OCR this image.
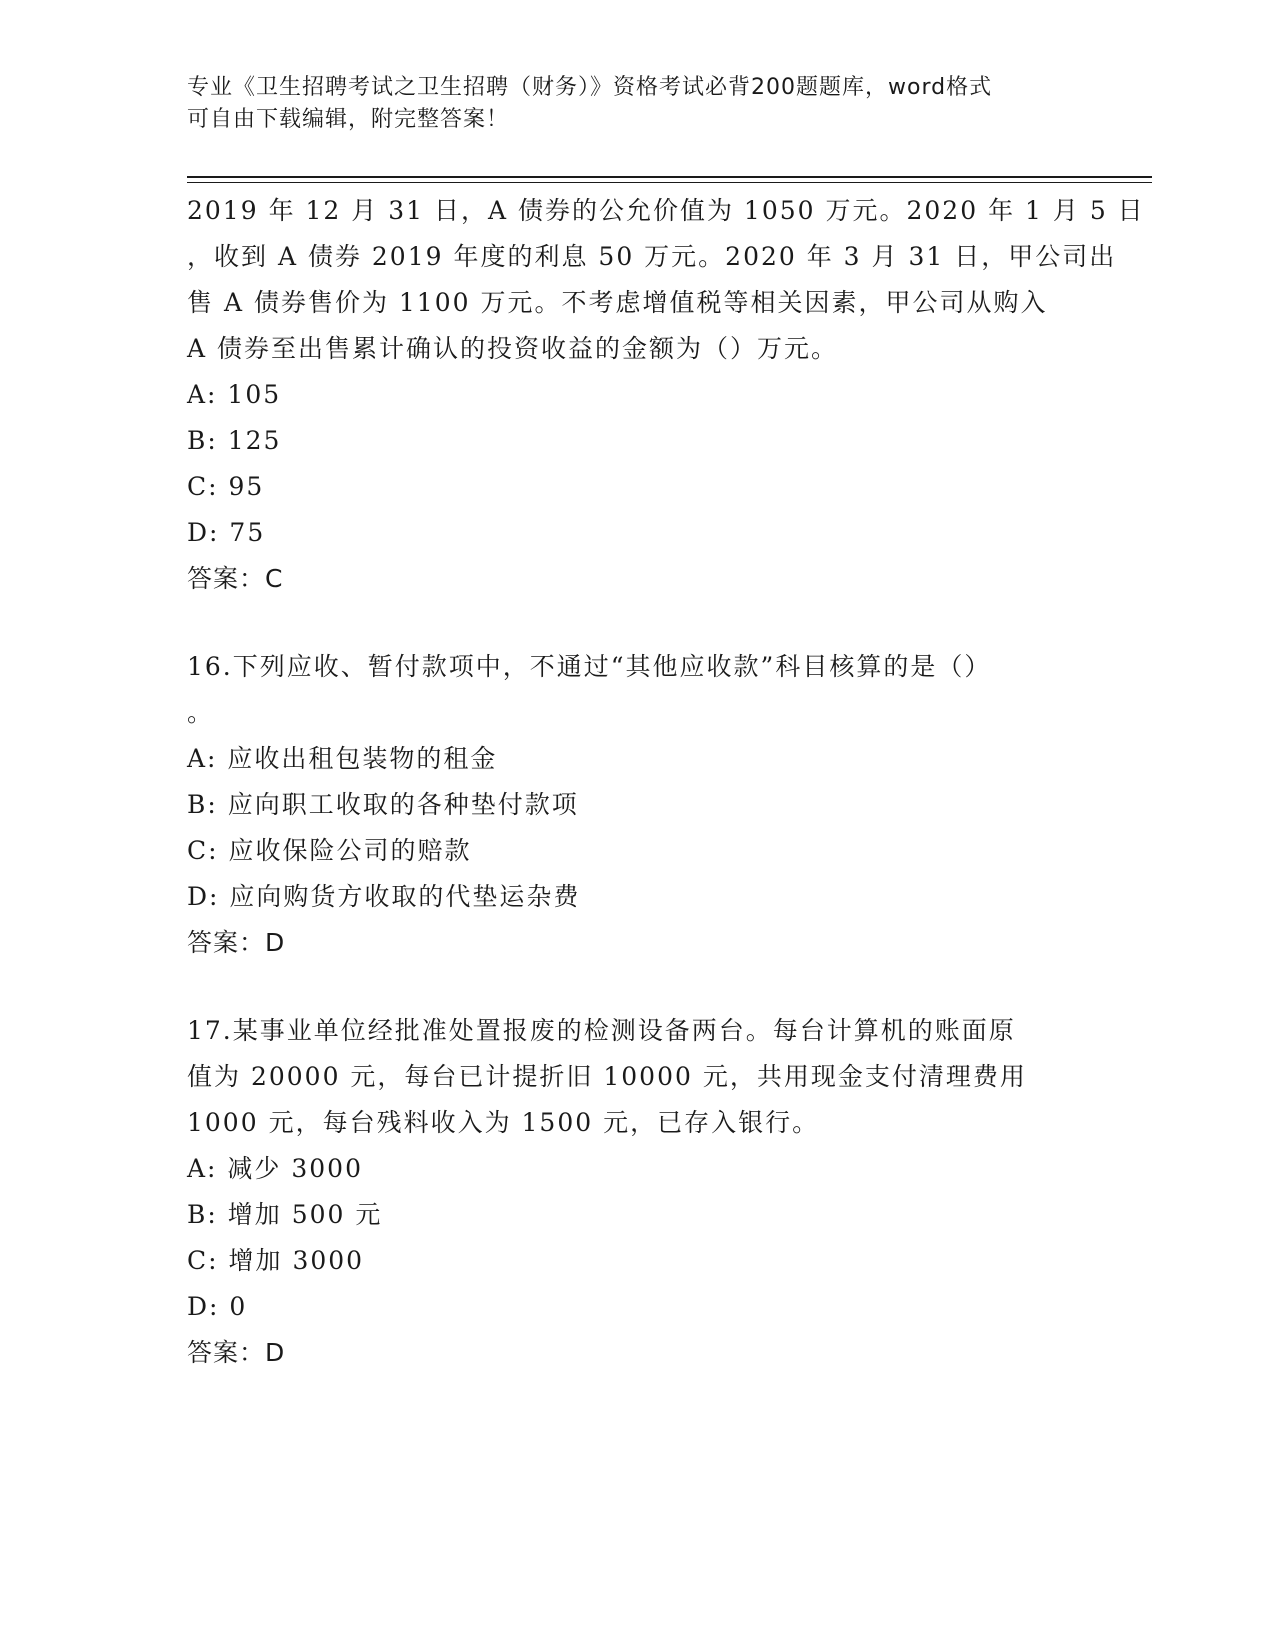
专业《卫生招聘考试之卫生招聘（财务）》资格考试必背200题题库，word格式
可自由下载编辑，附完整答案！
2019 年 12 月 31 日，A 债券的公允价值为 1050 万元。2020 年 1 月 5 日
，收到 A 债券 2019 年度的利息 50 万元。2020 年 3 月 31 日，甲公司出
售 A 债券售价为 1100 万元。不考虑增值税等相关因素，甲公司从购入
A 债券至出售累计确认的投资收益的金额为（）万元。
A: 105
B: 125
C: 95
D: 75
答案：C
16.下列应收、暂付款项中，不通过“其他应收款”科目核算的是（）
。
A: 应收出租包装物的租金
B: 应向职工收取的各种垫付款项
C: 应收保险公司的赔款
D: 应向购货方收取的代垫运杂费
答案：D
17.某事业单位经批准处置报废的检测设备两台。每台计算机的账面原
值为 20000 元，每台已计提折旧 10000 元，共用现金支付清理费用
1000 元，每台残料收入为 1500 元，已存入银行。
A: 减少 3000
B: 增加 500 元
C: 增加 3000
D: 0
答案：D
